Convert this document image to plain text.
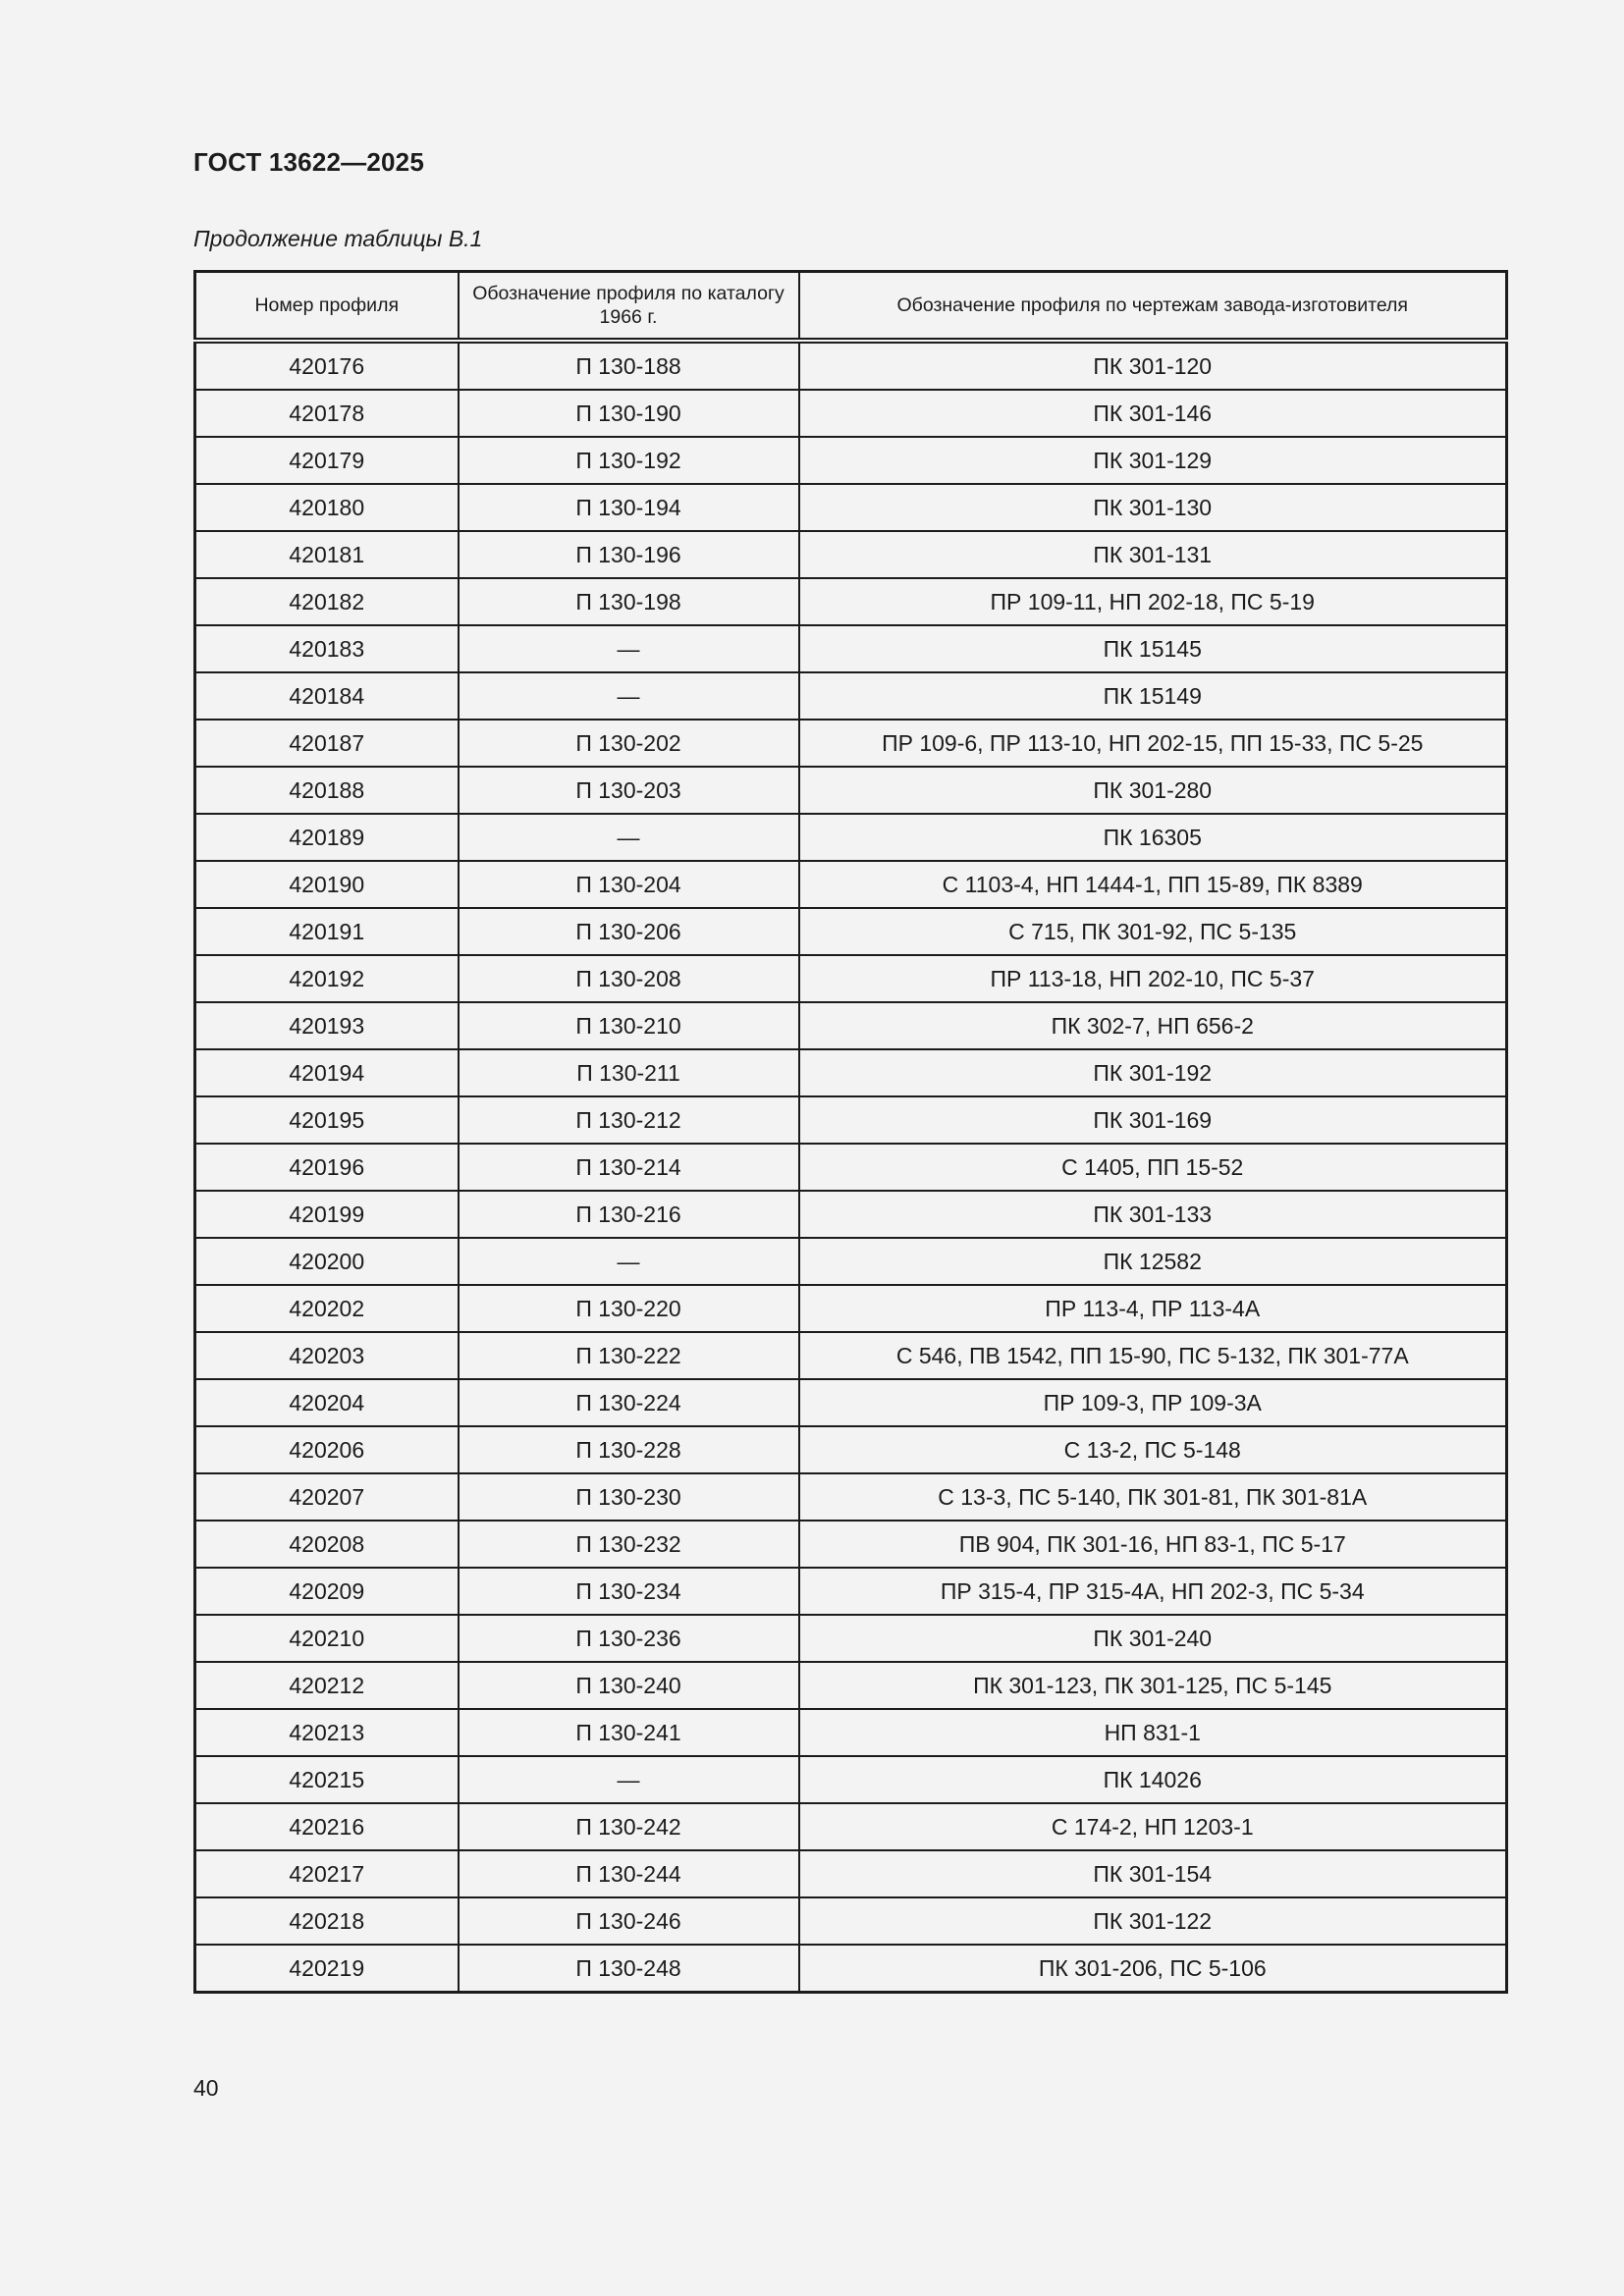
ГОСТ 13622—2025

Продолжение таблицы В.1

Номер профиля	Обозначение профиля по каталогу 1966 г.	Обозначение профиля по чертежам завода-изготовителя
420176	П 130-188	ПК 301-120
420178	П 130-190	ПК 301-146
420179	П 130-192	ПК 301-129
420180	П 130-194	ПК 301-130
420181	П 130-196	ПК 301-131
420182	П 130-198	ПР 109-11, НП 202-18, ПС 5-19
420183	—	ПК 15145
420184	—	ПК 15149
420187	П 130-202	ПР 109-6, ПР 113-10, НП 202-15, ПП 15-33, ПС 5-25
420188	П 130-203	ПК 301-280
420189	—	ПК 16305
420190	П 130-204	С 1103-4, НП 1444-1, ПП 15-89, ПК 8389
420191	П 130-206	С 715, ПК 301-92, ПС 5-135
420192	П 130-208	ПР 113-18, НП 202-10, ПС 5-37
420193	П 130-210	ПК 302-7, НП 656-2
420194	П 130-211	ПК 301-192
420195	П 130-212	ПК 301-169
420196	П 130-214	С 1405, ПП 15-52
420199	П 130-216	ПК 301-133
420200	—	ПК 12582
420202	П 130-220	ПР 113-4, ПР 113-4А
420203	П 130-222	С 546, ПВ 1542, ПП 15-90, ПС 5-132, ПК 301-77А
420204	П 130-224	ПР 109-3, ПР 109-3А
420206	П 130-228	С 13-2, ПС 5-148
420207	П 130-230	С 13-3, ПС 5-140, ПК 301-81, ПК 301-81А
420208	П 130-232	ПВ 904, ПК 301-16, НП 83-1, ПС 5-17
420209	П 130-234	ПР 315-4, ПР 315-4А, НП 202-3, ПС 5-34
420210	П 130-236	ПК 301-240
420212	П 130-240	ПК 301-123, ПК 301-125, ПС 5-145
420213	П 130-241	НП 831-1
420215	—	ПК 14026
420216	П 130-242	С 174-2, НП 1203-1
420217	П 130-244	ПК 301-154
420218	П 130-246	ПК 301-122
420219	П 130-248	ПК 301-206, ПС 5-106

40
